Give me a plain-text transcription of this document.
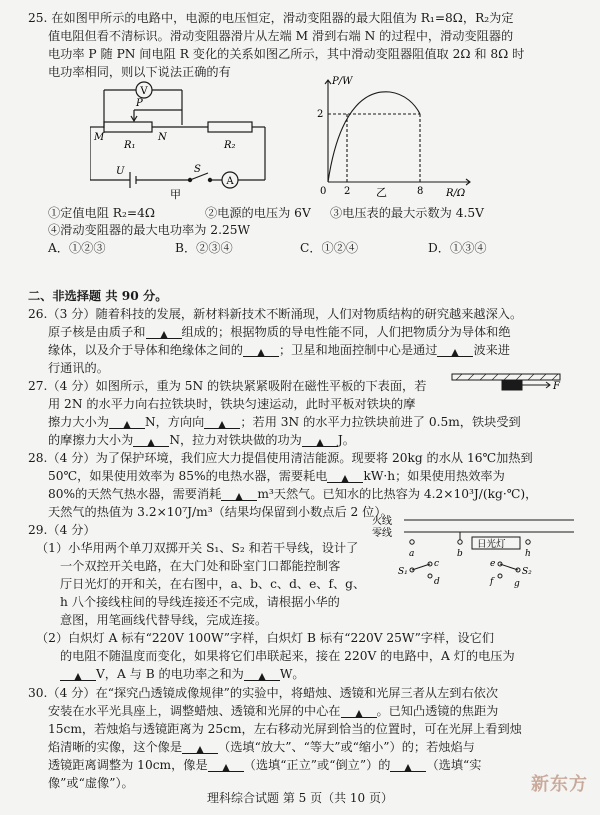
25. 在如图甲所示的电路中，电源的电压恒定，滑动变阻器的最大阻值为 R₁=8Ω，R₂为定
值电阻但看不清标识。滑动变阻器滑片从左端 M 滑到右端 N 的过程中，滑动变阻器的
电功率 P 随 PN 间电阻 R 变化的关系如图乙所示，其中滑动变阻器阻值取 2Ω 和 8Ω 时
电功率相同，则以下说法正确的有
V
P
M	N
R₁	R₂
U	S
A
甲
P/W
R/Ω
0 2	8
2
乙
①定值电阻 R₂=4Ω	②电源的电压为 6V ③电压表的最大示数为 4.5V
④滑动变阻器的最大电功率为 2.25W
A．①②③	B．②③④	C．①②④	D．①③④
二、非选择题 共 90 分。
26.（3 分）随着科技的发展，新材料新技术不断涌现，人们对物质结构的研究越来越深入。
原子核是由质子和	组成的；根据物质的导电性能不同，人们把物质分为导体和绝
缘体，以及介于导体和绝缘体之间的	；卫星和地面控制中心是通过	波来进
行通讯的。
27.（4 分）如图所示，重为 5N 的铁块紧紧吸附在磁性平板的下表面，若
用 2N 的水平力向右拉铁块时，铁块匀速运动，此时平板对铁块的摩
擦力大小为	N，方向向	；若用 3N 的水平力拉铁块前进了 0.5m，铁块受到
的摩擦力大小为	N，拉力对铁块做的功为	J。
F
28.（4 分）为了保护环境，我们应大力提倡使用清洁能源。现要将 20kg 的水从 16℃加热到
50℃，如果使用效率为 85%的电热水器，需要耗电	kW·h；如果使用热效率为
80%的天然气热水器，需要消耗	m³天然气。已知水的比热容为 4.2×10³J/(kg·℃)，
天然气的热值为 3.2×10⁷J/m³（结果均保留到小数点后 2 位）。
29.（4 分）
（1）小华用两个单刀双掷开关 S₁、S₂ 和若干导线，设计了
一个双控开关电路，在大门处和卧室门口都能控制客
厅日光灯的开和关，在右图中，a、b、c、d、e、f、g、
h 八个接线柱间的导线连接还不完成，请根据小华的
意图，用笔画线代替导线，完成连接。
火线
零线
日光灯
a	b	h
S₁
c
d
e
f
S₂
g
（2）白炽灯 A 标有“220V 100W”字样，白炽灯 B 标有“220V 25W”字样，设它们
的电阻不随温度而变化，如果将它们串联起来，接在 220V 的电路中，A 灯的电压为
V，A 与 B 的电功率之和为	W。
30.（4 分）在“探究凸透镜成像规律”的实验中，将蜡烛、透镜和光屏三者从左到右依次
安装在水平光具座上，调整蜡烛、透镜和光屏的中心在	。已知凸透镜的焦距为
15cm，若烛焰与透镜距离为 25cm，左右移动光屏到恰当的位置时，可在光屏上看到烛
焰清晰的实像，这个像是	（选填“放大”、“等大”或“缩小”）的；若烛焰与
透镜距离调整为 10cm，像是	（选填“正立”或“倒立”）的	（选填“实
像”或“虚像”）。
理科综合试题 第 5 页（共 10 页）
新东方
